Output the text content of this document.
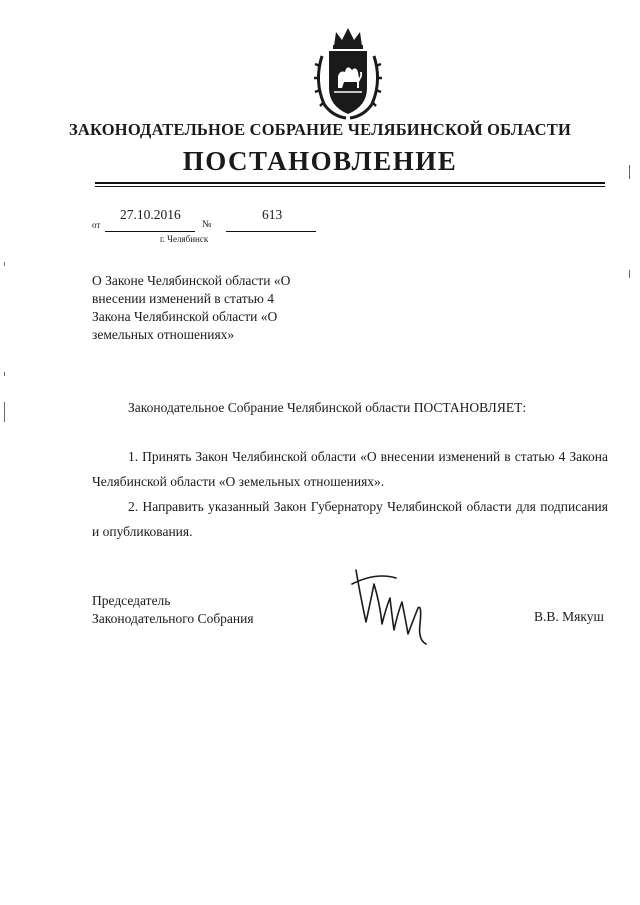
ЗАКОНОДАТЕЛЬНОЕ СОБРАНИЕ ЧЕЛЯБИНСКОЙ ОБЛАСТИ
ПОСТАНОВЛЕНИЕ
от
27.10.2016
№
613
г. Челябинск
О Законе Челябинской области «О внесении изменений в статью 4 Закона Челябинской области «О земельных отношениях»
Законодательное Собрание Челябинской области ПОСТАНОВЛЯЕТ:
1. Принять Закон Челябинской области «О внесении изменений в статью 4 Закона Челябинской области «О земельных отношениях».
2. Направить указанный Закон Губернатору Челябинской области для подписания и опубликования.
Председатель
Законодательного Собрания	В.В. Мякуш
